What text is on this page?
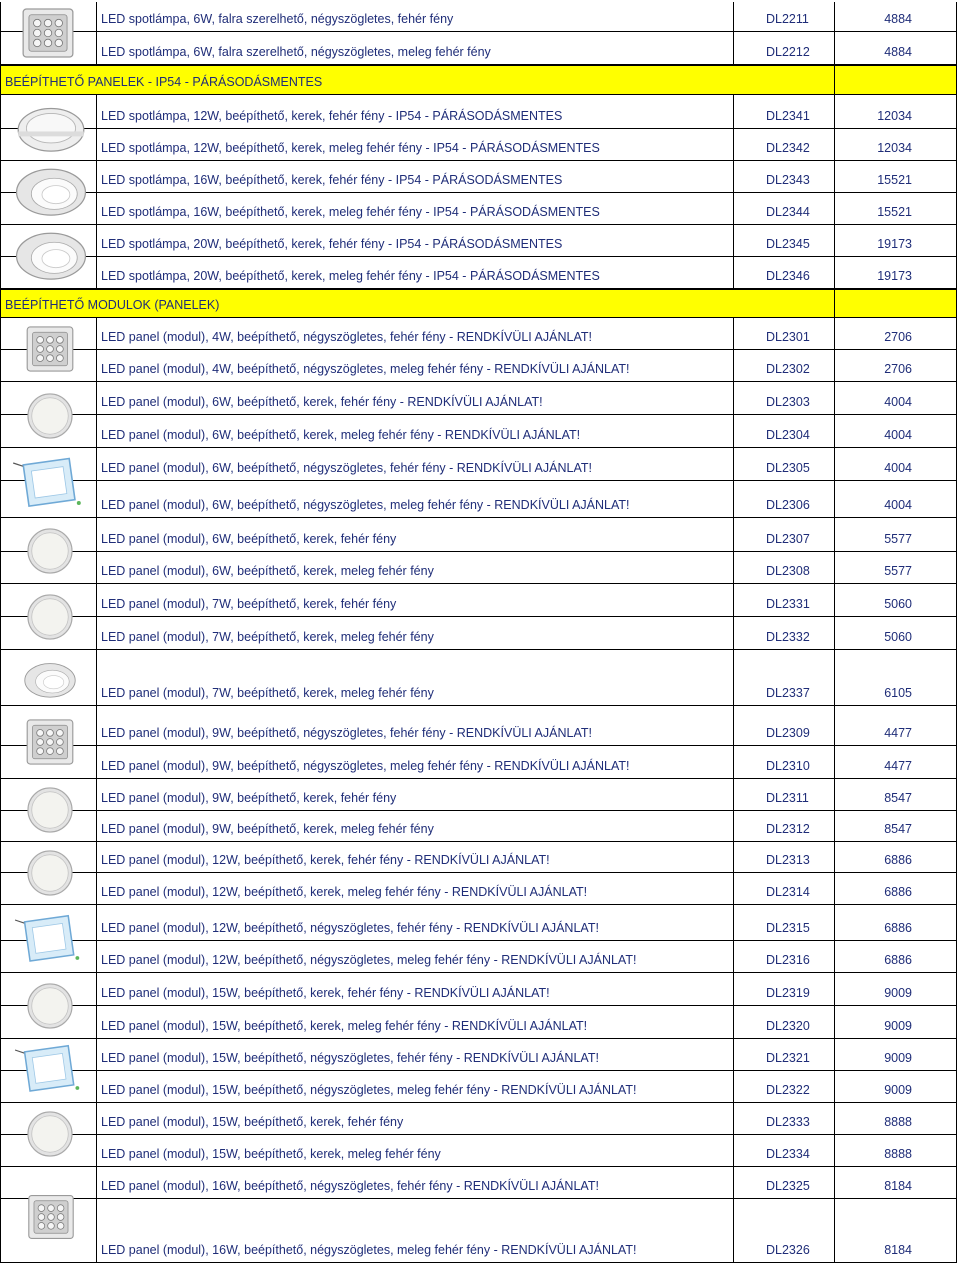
LED spotlámpa, 6W, falra szerelhető, négyszögletes, fehér fény	DL2211	4884
LED spotlámpa, 6W, falra szerelhető, négyszögletes, meleg fehér fény	DL2212	4884
BEÉPÍTHETŐ PANELEK - IP54 - PÁRÁSODÁSMENTES
LED spotlámpa, 12W, beépíthető, kerek, fehér fény - IP54 - PÁRÁSODÁSMENTES	DL2341	12034
LED spotlámpa, 12W, beépíthető, kerek, meleg fehér fény - IP54 - PÁRÁSODÁSMENTES	DL2342	12034
LED spotlámpa, 16W, beépíthető, kerek, fehér fény - IP54 - PÁRÁSODÁSMENTES	DL2343	15521
LED spotlámpa, 16W, beépíthető, kerek, meleg fehér fény - IP54 - PÁRÁSODÁSMENTES	DL2344	15521
LED spotlámpa, 20W, beépíthető, kerek, fehér fény - IP54 - PÁRÁSODÁSMENTES	DL2345	19173
LED spotlámpa, 20W, beépíthető, kerek, meleg fehér fény - IP54 - PÁRÁSODÁSMENTES	DL2346	19173
BEÉPÍTHETŐ MODULOK (PANELEK)
LED panel (modul), 4W, beépíthető, négyszögletes, fehér fény - RENDKÍVÜLI AJÁNLAT!	DL2301	2706
LED panel (modul), 4W, beépíthető, négyszögletes, meleg fehér fény - RENDKÍVÜLI AJÁNLAT!	DL2302	2706
LED panel (modul), 6W, beépíthető, kerek, fehér fény - RENDKÍVÜLI AJÁNLAT!	DL2303	4004
LED panel (modul), 6W, beépíthető, kerek, meleg fehér fény - RENDKÍVÜLI AJÁNLAT!	DL2304	4004
LED panel (modul), 6W, beépíthető, négyszögletes, fehér fény - RENDKÍVÜLI AJÁNLAT!	DL2305	4004
LED panel (modul), 6W, beépíthető, négyszögletes, meleg fehér fény - RENDKÍVÜLI AJÁNLAT!	DL2306	4004
LED panel (modul), 6W, beépíthető, kerek, fehér fény	DL2307	5577
LED panel (modul), 6W, beépíthető, kerek, meleg fehér fény	DL2308	5577
LED panel (modul), 7W, beépíthető, kerek, fehér fény	DL2331	5060
LED panel (modul), 7W, beépíthető, kerek, meleg fehér fény	DL2332	5060
LED panel (modul), 7W, beépíthető, kerek, meleg fehér fény	DL2337	6105
LED panel (modul), 9W, beépíthető, négyszögletes, fehér fény - RENDKÍVÜLI AJÁNLAT!	DL2309	4477
LED panel (modul), 9W, beépíthető, négyszögletes, meleg fehér fény - RENDKÍVÜLI AJÁNLAT!	DL2310	4477
LED panel (modul), 9W, beépíthető, kerek, fehér fény	DL2311	8547
LED panel (modul), 9W, beépíthető, kerek, meleg fehér fény	DL2312	8547
LED panel (modul), 12W, beépíthető, kerek, fehér fény - RENDKÍVÜLI AJÁNLAT!	DL2313	6886
LED panel (modul), 12W, beépíthető, kerek, meleg fehér fény - RENDKÍVÜLI AJÁNLAT!	DL2314	6886
LED panel (modul), 12W, beépíthető, négyszögletes, fehér fény - RENDKÍVÜLI AJÁNLAT!	DL2315	6886
LED panel (modul), 12W, beépíthető, négyszögletes, meleg fehér fény - RENDKÍVÜLI AJÁNLAT!	DL2316	6886
LED panel (modul), 15W, beépíthető, kerek, fehér fény - RENDKÍVÜLI AJÁNLAT!	DL2319	9009
LED panel (modul), 15W, beépíthető, kerek, meleg fehér fény - RENDKÍVÜLI AJÁNLAT!	DL2320	9009
LED panel (modul), 15W, beépíthető, négyszögletes, fehér fény - RENDKÍVÜLI AJÁNLAT!	DL2321	9009
LED panel (modul), 15W, beépíthető, négyszögletes, meleg fehér fény - RENDKÍVÜLI AJÁNLAT!	DL2322	9009
LED panel (modul), 15W, beépíthető, kerek, fehér fény	DL2333	8888
LED panel (modul), 15W, beépíthető, kerek, meleg fehér fény	DL2334	8888
LED panel (modul), 16W, beépíthető, négyszögletes, fehér fény - RENDKÍVÜLI AJÁNLAT!	DL2325	8184
LED panel (modul), 16W, beépíthető, négyszögletes, meleg fehér fény - RENDKÍVÜLI AJÁNLAT!	DL2326	8184
